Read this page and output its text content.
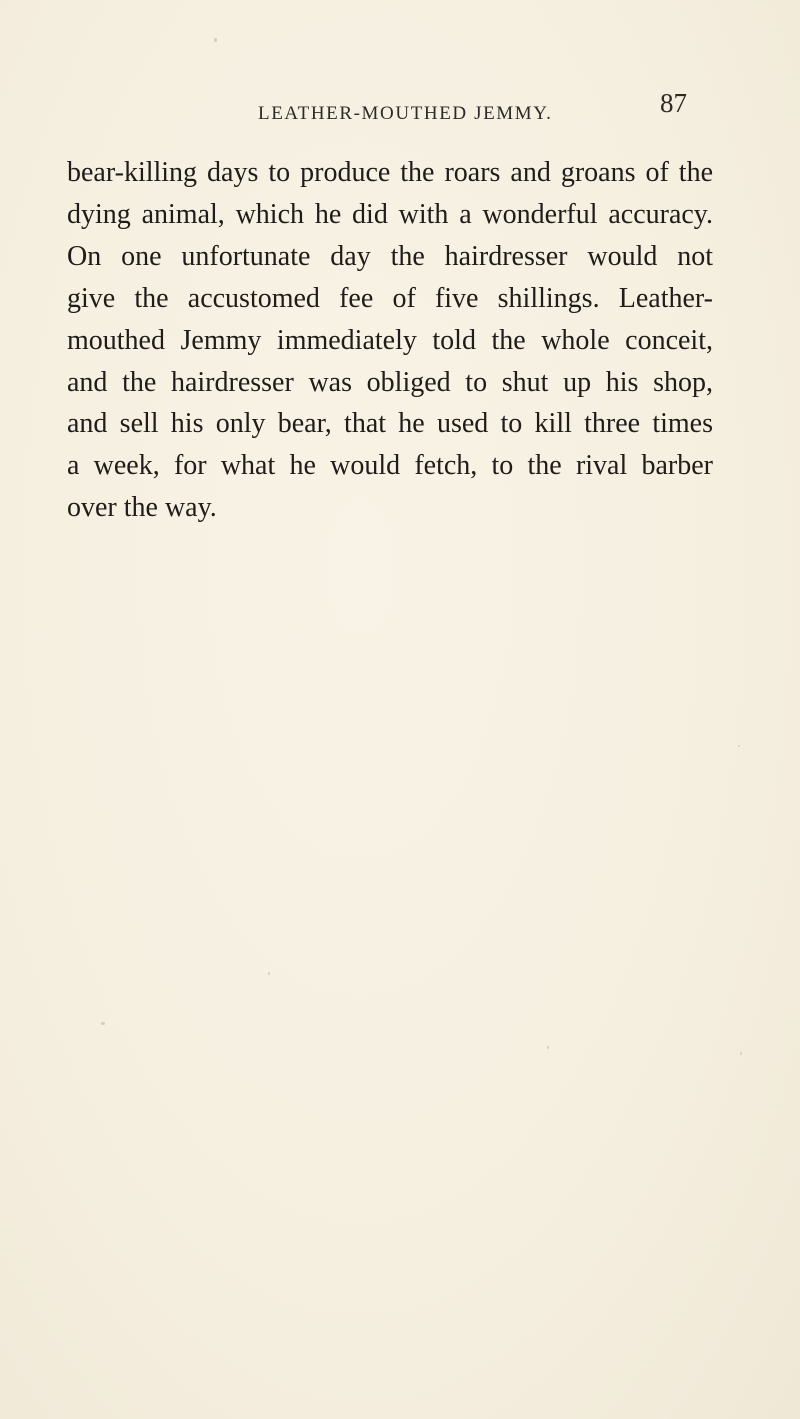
LEATHER-MOUTHED JEMMY.	87

bear-killing days to produce the roars and groans of the
dying animal, which he did with a wonderful accuracy.
On one unfortunate day the hairdresser would not
give the accustomed fee of five shillings. Leather-
mouthed Jemmy immediately told the whole conceit,
and the hairdresser was obliged to shut up his shop,
and sell his only bear, that he used to kill three times
a week, for what he would fetch, to the rival barber
over the way.
